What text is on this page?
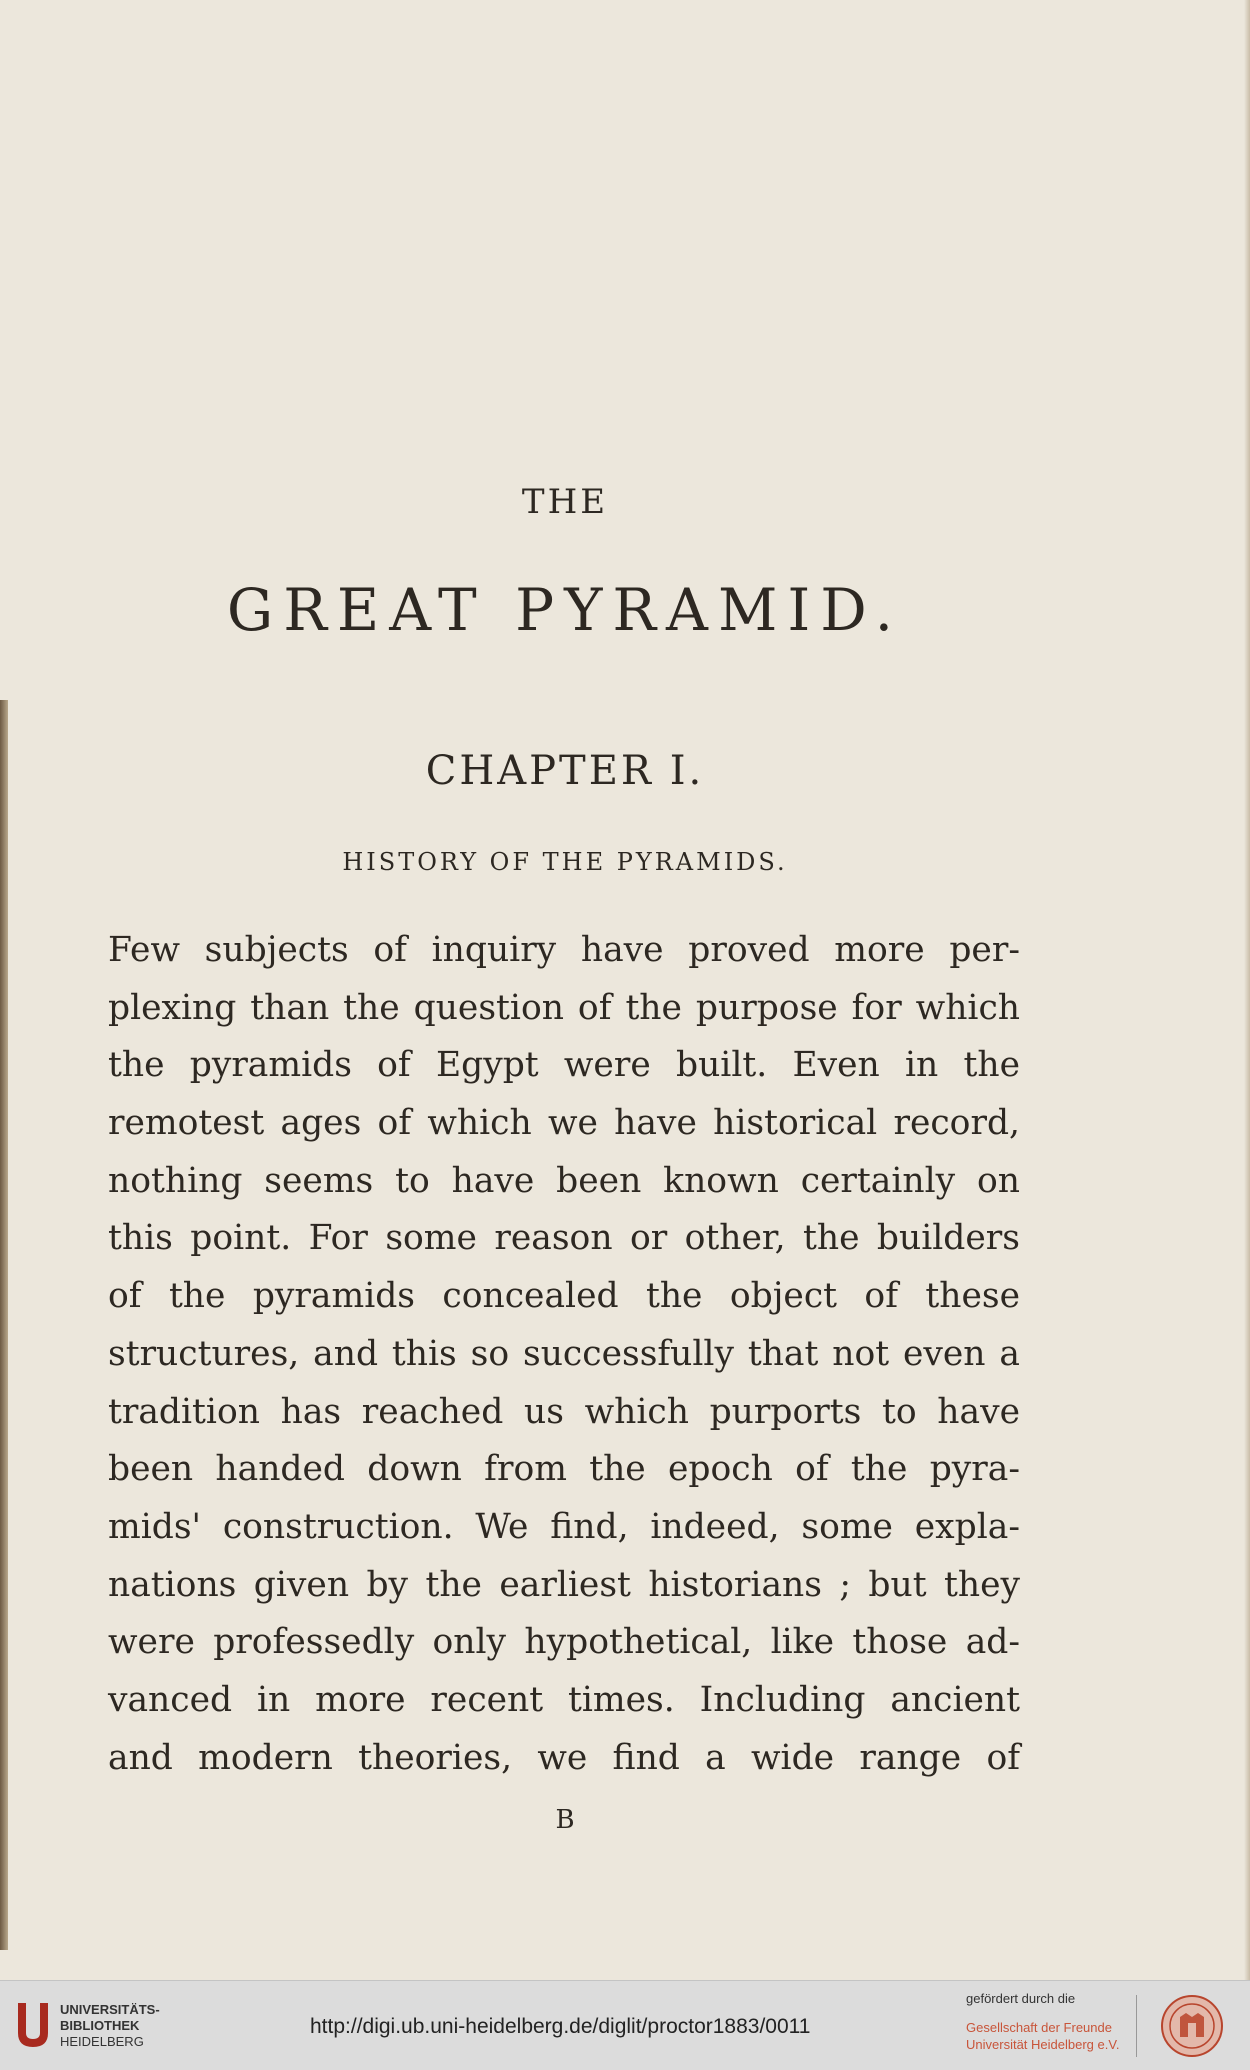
THE
GREAT PYRAMID.
CHAPTER I.
HISTORY OF THE PYRAMIDS.
Few subjects of inquiry have proved more per-
plexing than the question of the purpose for which
the pyramids of Egypt were built. Even in the
remotest ages of which we have historical record,
nothing seems to have been known certainly on
this point. For some reason or other, the builders
of the pyramids concealed the object of these
structures, and this so successfully that not even a
tradition has reached us which purports to have
been handed down from the epoch of the pyra-
mids' construction. We find, indeed, some expla-
nations given by the earliest historians ; but they
were professedly only hypothetical, like those ad-
vanced in more recent times. Including ancient
and modern theories, we find a wide range of
B
UNIVERSITÄTS-
BIBLIOTHEK
HEIDELBERG
http://digi.ub.uni-heidelberg.de/diglit/proctor1883/0011
gefördert durch die
Gesellschaft der Freunde
Universität Heidelberg e.V.
